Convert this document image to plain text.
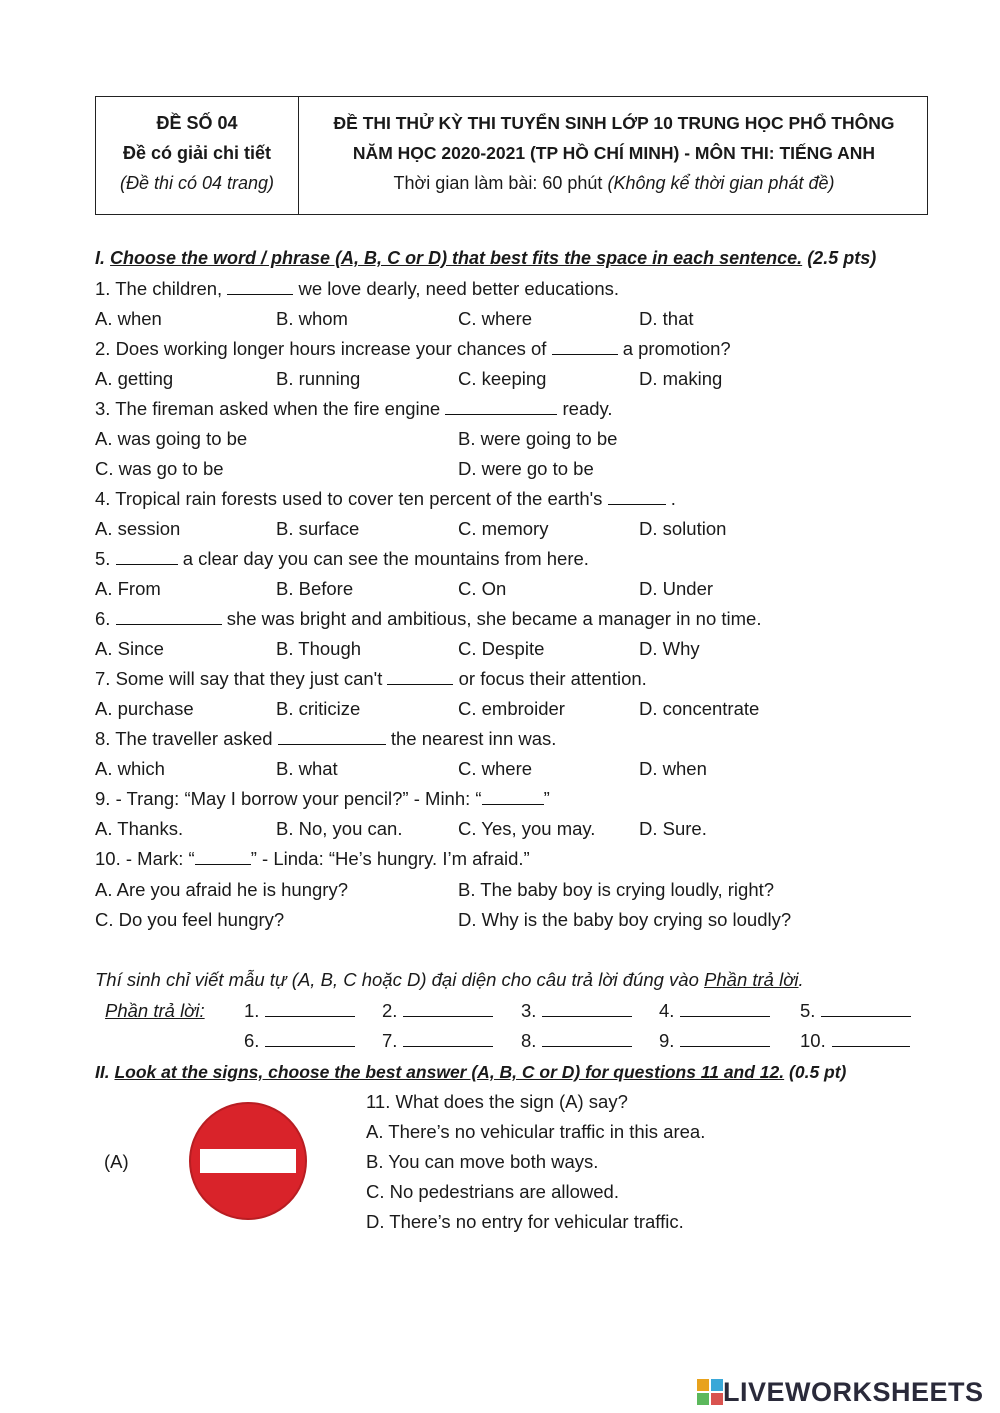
ĐỀ SỐ 04
Đề có giải chi tiết
(Đề thi có 04 trang)
ĐỀ THI THỬ KỲ THI TUYỂN SINH LỚP 10 TRUNG HỌC PHỔ THÔNG
NĂM HỌC 2020-2021 (TP HỒ CHÍ MINH) - MÔN THI: TIẾNG ANH
Thời gian làm bài: 60 phút (Không kể thời gian phát đề)
I. Choose the word / phrase (A, B, C or D) that best fits the space in each sentence. (2.5 pts)
1. The children,	we love dearly, need better educations.
A. when	B. whom	C. where	D. that
2. Does working longer hours increase your chances of	a promotion?
A. getting	B. running	C. keeping	D. making
3. The fireman asked when the fire engine	ready.
A. was going to be	B. were going to be
C. was go to be	D. were go to be
4. Tropical rain forests used to cover ten percent of the earth's	.
A. session	B. surface	C. memory	D. solution
5.	a clear day you can see the mountains from here.
A. From	B. Before	C. On	D. Under
6.	she was bright and ambitious, she became a manager in no time.
A. Since	B. Though	C. Despite	D. Why
7. Some will say that they just can't	or focus their attention.
A. purchase	B. criticize	C. embroider	D. concentrate
8. The traveller asked	the nearest inn was.
A. which	B. what	C. where	D. when
9. - Trang: “May I borrow your pencil?” - Minh: “	”
A. Thanks.	B. No, you can.	C. Yes, you may. D. Sure.
10. - Mark: “	” - Linda: “He’s hungry. I’m afraid.”
A. Are you afraid he is hungry?	B. The baby boy is crying loudly, right?
C. Do you feel hungry?	D. Why is the baby boy crying so loudly?
Thí sinh chỉ viết mẫu tự (A, B, C hoặc D) đại diện cho câu trả lời đúng vào Phần trả lời.
Phần trả lời: 1.	2.	3.	4.	5.
6.	7.	8.	9.	10.
II. Look at the signs, choose the best answer (A, B, C or D) for questions 11 and 12. (0.5 pt)
(A)
11. What does the sign (A) say?
A. There’s no vehicular traffic in this area.
B. You can move both ways.
C. No pedestrians are allowed.
D. There’s no entry for vehicular traffic.
LIVEWORKSHEETS
